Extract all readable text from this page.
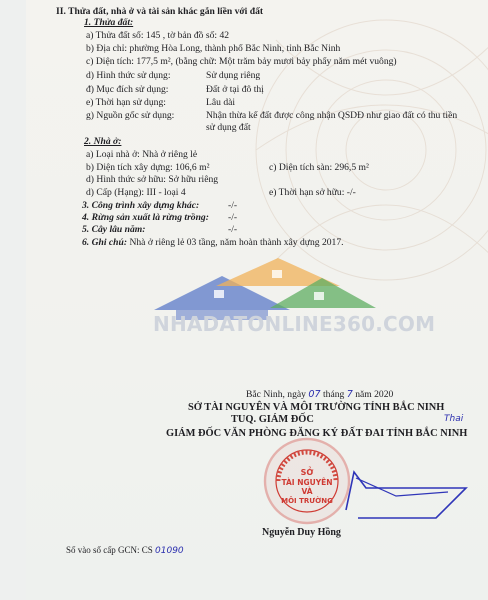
II. Thửa đất, nhà ở và tài sản khác gắn liền với đất
1. Thửa đất:
a) Thửa đất số: 145 , tờ bản đồ số: 42
b) Địa chỉ: phường Hòa Long, thành phố Bắc Ninh, tỉnh Bắc Ninh
c) Diện tích: 177,5 m², (bằng chữ: Một trăm bảy mươi bảy phẩy năm mét vuông)
d) Hình thức sử dụng:	Sử dụng riêng
đ) Mục đích sử dụng:	Đất ở tại đô thị
e) Thời hạn sử dụng:	Lâu dài
g) Nguồn gốc sử dụng:	Nhận thừa kế đất được công nhận QSDĐ như giao đất có thu tiền
sử dụng đất
2. Nhà ở:
a) Loại nhà ở: Nhà ở riêng lẻ
b) Diện tích xây dựng: 106,6 m²	c) Diện tích sàn: 296,5 m²
d) Hình thức sở hữu: Sở hữu riêng
d) Cấp (Hạng): III - loại 4	e) Thời hạn sở hữu: -/-
3. Công trình xây dựng khác:	-/-
4. Rừng sản xuất là rừng trồng: -/-
5. Cây lâu năm:	-/-
6. Ghi chú: Nhà ở riêng lẻ 03 tầng, năm hoàn thành xây dựng 2017.
NHADATONLINE360.COM
Bắc Ninh, ngày 07 tháng 7 năm 2020
SỞ TÀI NGUYÊN VÀ MÔI TRƯỜNG TỈNH BẮC NINH
TUQ. GIÁM ĐỐC	Thai
GIÁM ĐỐC VĂN PHÒNG ĐĂNG KÝ ĐẤT ĐAI TỈNH BẮC NINH
SỞ
TÀI NGUYÊN
VÀ
MÔI TRƯỜNG
Nguyễn Duy Hồng
Số vào sổ cấp GCN: CS 01090
